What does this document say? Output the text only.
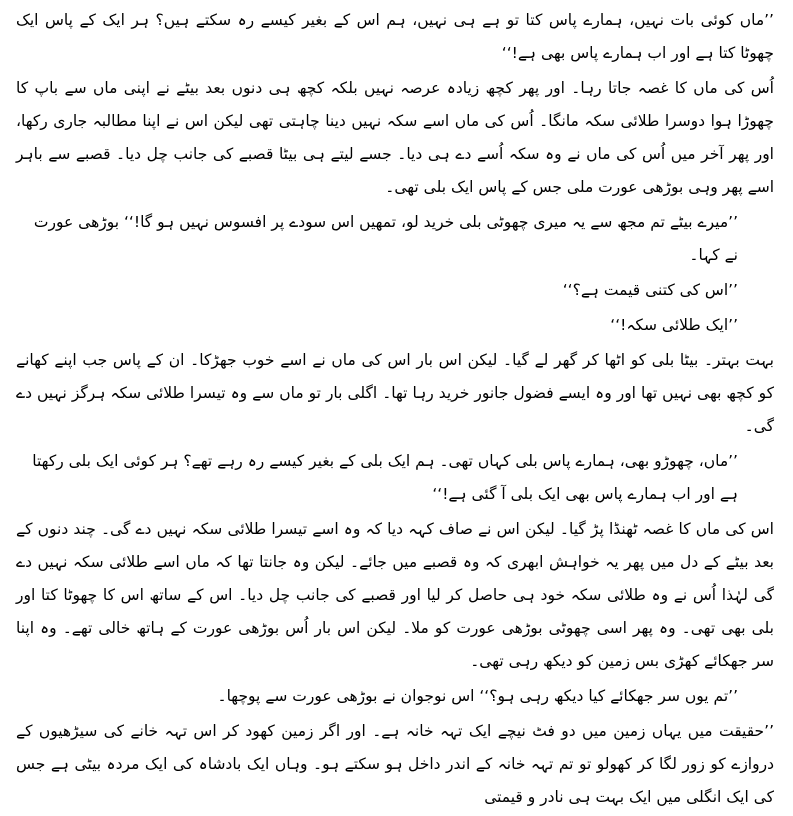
’’ماں کوئی بات نہیں، ہمارے پاس کتا تو ہے ہی نہیں، ہم اس کے بغیر کیسے رہ سکتے ہیں؟ ہر ایک کے پاس ایک چھوٹا کتا ہے اور اب ہمارے پاس بھی ہے!‘‘

اُس کی ماں کا غصہ جاتا رہا۔ اور پھر کچھ زیادہ عرصہ نہیں بلکہ کچھ ہی دنوں بعد بیٹے نے اپنی ماں سے باپ کا چھوڑا ہوا دوسرا طلائی سکہ مانگا۔ اُس کی ماں اسے سکہ نہیں دینا چاہتی تھی لیکن اس نے اپنا مطالبہ جاری رکھا، اور پھر آخر میں اُس کی ماں نے وہ سکہ اُسے دے ہی دیا۔ جسے لیتے ہی بیٹا قصبے کی جانب چل دیا۔ قصبے سے باہر اسے پھر وہی بوڑھی عورت ملی جس کے پاس ایک بلی تھی۔

’’میرے بیٹے تم مجھ سے یہ میری چھوٹی بلی خرید لو، تمھیں اس سودے پر افسوس نہیں ہو گا!‘‘ بوڑھی عورت نے کہا۔

’’اس کی کتنی قیمت ہے؟‘‘

’’ایک طلائی سکہ!‘‘

بہت بہتر۔ بیٹا بلی کو اٹھا کر گھر لے گیا۔ لیکن اس بار اس کی ماں نے اسے خوب جھڑکا۔ ان کے پاس جب اپنے کھانے کو کچھ بھی نہیں تھا اور وہ ایسے فضول جانور خرید رہا تھا۔ اگلی بار تو ماں سے وہ تیسرا طلائی سکہ ہرگز نہیں دے گی۔

’’ماں، چھوڑو بھی، ہمارے پاس بلی کہاں تھی۔ ہم ایک بلی کے بغیر کیسے رہ رہے تھے؟ ہر کوئی ایک بلی رکھتا ہے اور اب ہمارے پاس بھی ایک بلی آ گئی ہے!‘‘

اس کی ماں کا غصہ ٹھنڈا پڑ گیا۔ لیکن اس نے صاف کہہ دیا کہ وہ اسے تیسرا طلائی سکہ نہیں دے گی۔ چند دنوں کے بعد بیٹے کے دل میں پھر یہ خواہش ابھری کہ وہ قصبے میں جائے۔ لیکن وہ جانتا تھا کہ ماں اسے طلائی سکہ نہیں دے گی لہٰذا اُس نے وہ طلائی سکہ خود ہی حاصل کر لیا اور قصبے کی جانب چل دیا۔ اس کے ساتھ اس کا چھوٹا کتا اور بلی بھی تھی۔ وہ پھر اسی چھوٹی بوڑھی عورت کو ملا۔ لیکن اس بار اُس بوڑھی عورت کے ہاتھ خالی تھے۔ وہ اپنا سر جھکائے کھڑی بس زمین کو دیکھ رہی تھی۔

’’تم یوں سر جھکائے کیا دیکھ رہی ہو؟‘‘ اس نوجوان نے بوڑھی عورت سے پوچھا۔

’’حقیقت میں یہاں زمین میں دو فٹ نیچے ایک تہہ خانہ ہے۔ اور اگر زمین کھود کر اس تہہ خانے کی سیڑھیوں کے دروازے کو زور لگا کر کھولو تو تم تہہ خانہ کے اندر داخل ہو سکتے ہو۔ وہاں ایک بادشاہ کی ایک مردہ بیٹی ہے جس کی ایک انگلی میں ایک بہت ہی نادر و قیمتی
